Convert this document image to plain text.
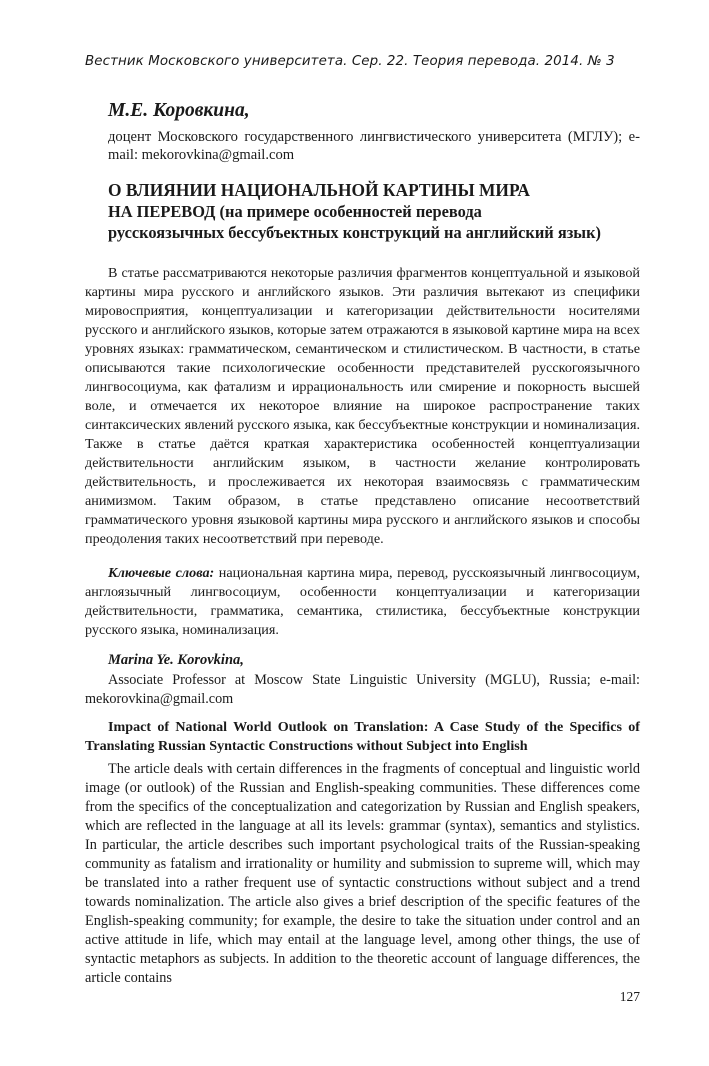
Вестник Московского университета. Сер. 22. Теория перевода. 2014. № 3
М.Е. Коровкина,
доцент Московского государственного лингвистического университета (МГЛУ); e-mail: mekorovkina@gmail.com
О ВЛИЯНИИ НАЦИОНАЛЬНОЙ КАРТИНЫ МИРА
НА ПЕРЕВОД (на примере особенностей перевода
русскоязычных бессубъектных конструкций на английский язык)

В статье рассматриваются некоторые различия фрагментов концептуальной и языковой картины мира русского и английского языков. Эти различия вытекают из специфики мировосприятия, концептуализации и категоризации действительности носителями русского и английского языков, которые затем отражаются в языковой картине мира на всех уровнях языках: грамматическом, семантическом и стилистическом. В частности, в статье описываются такие психологические особенности представителей русскогоязычного лингвосоциума, как фатализм и иррациональность или смирение и покорность высшей воле, и отмечается их некоторое влияние на широкое распространение таких синтаксических явлений русского языка, как бессубъектные конструкции и номинализация. Также в статье даётся краткая характеристика особенностей концептуализации действительности английским языком, в частности желание контролировать действительность, и прослеживается их некоторая взаимосвязь с грамматическим анимизмом. Таким образом, в статье представлено описание несоответствий грамматического уровня языковой картины мира русского и английского языков и способы преодоления таких несоответствий при переводе.

Ключевые слова: национальная картина мира, перевод, русскоязычный лингвосоциум, англоязычный лингвосоциум, особенности концептуализации и категоризации действительности, грамматика, семантика, стилистика, бессубъектные конструкции русского языка, номинализация.

Marina Ye. Korovkina,

Associate Professor at Moscow State Linguistic University (MGLU), Russia; e-mail: mekorovkina@gmail.com

Impact of National World Outlook on Translation: A Case Study of the Specifics of Translating Russian Syntactic Constructions without Subject into English

The article deals with certain differences in the fragments of conceptual and linguistic world image (or outlook) of the Russian and English-speaking communities. These differences come from the specifics of the conceptualization and categorization by Russian and English speakers, which are reflected in the language at all its levels: grammar (syntax), semantics and stylistics. In particular, the article describes such important psychological traits of the Russian-speaking community as fatalism and irrationality or humility and submission to supreme will, which may be translated into a rather frequent use of syntactic constructions without subject and a trend towards nominalization. The article also gives a brief description of the specific features of the English-speaking community; for example, the desire to take the situation under control and an active attitude in life, which may entail at the language level, among other things, the use of syntactic metaphors as subjects. In addition to the theoretic account of language differences, the article contains

127
